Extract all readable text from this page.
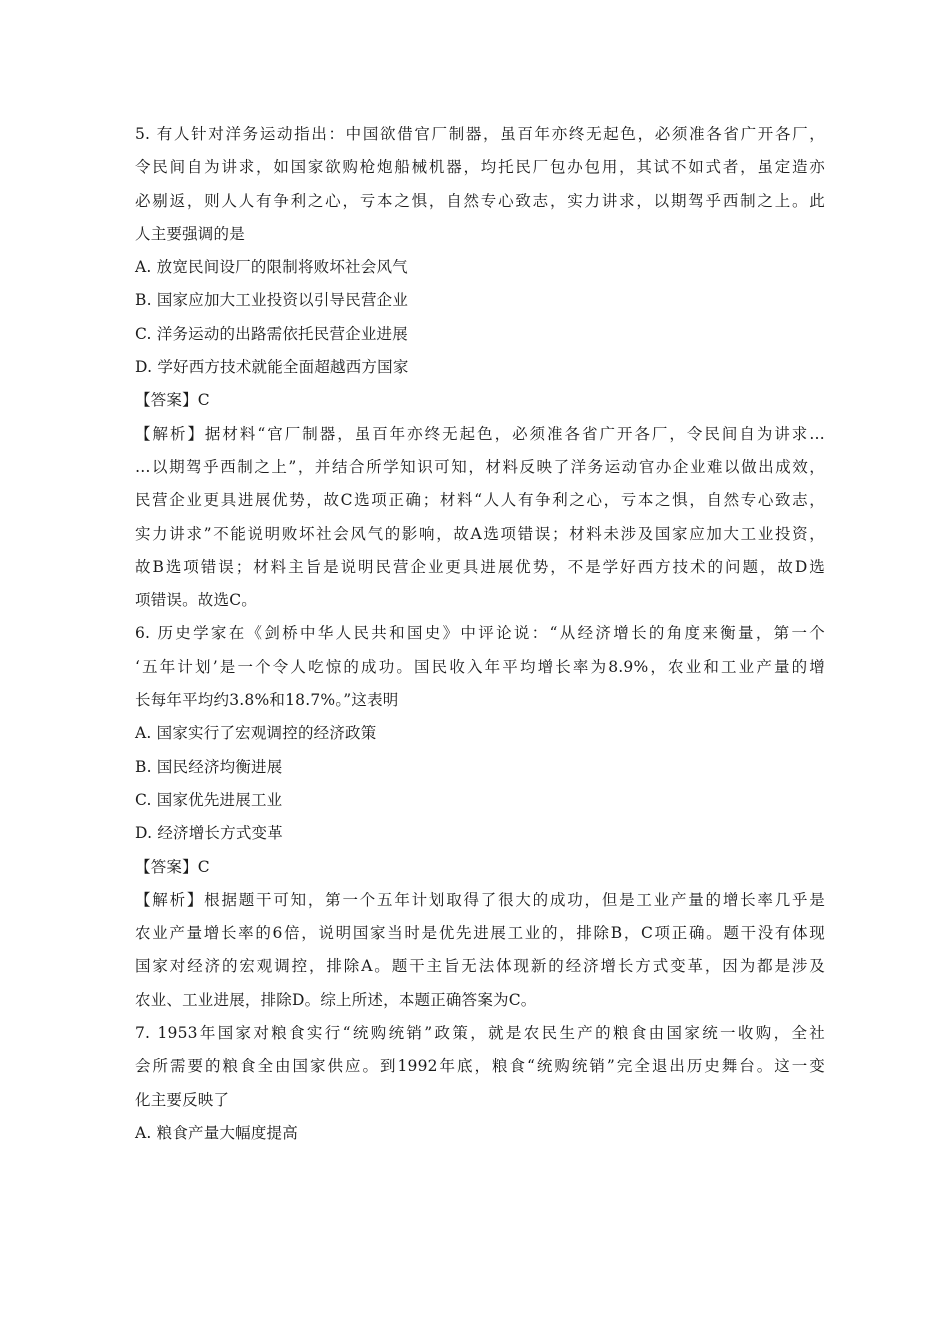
5. 有人针对洋务运动指出：中国欲借官厂制器，虽百年亦终无起色，必须准各省广开各厂，
令民间自为讲求，如国家欲购枪炮船械机器，均托民厂包办包用，其试不如式者，虽定造亦
必剔返，则人人有争利之心，亏本之惧，自然专心致志，实力讲求，以期驾乎西制之上。此
人主要强调的是
A. 放宽民间设厂的限制将败坏社会风气
B. 国家应加大工业投资以引导民营企业
C. 洋务运动的出路需依托民营企业进展
D. 学好西方技术就能全面超越西方国家
【答案】C
【解析】据材料“官厂制器，虽百年亦终无起色，必须准各省广开各厂，令民间自为讲求…
…以期驾乎西制之上”，并结合所学知识可知，材料反映了洋务运动官办企业难以做出成效，
民营企业更具进展优势，故C选项正确；材料“人人有争利之心，亏本之惧，自然专心致志，
实力讲求”不能说明败坏社会风气的影响，故A选项错误；材料未涉及国家应加大工业投资，
故B选项错误；材料主旨是说明民营企业更具进展优势，不是学好西方技术的问题，故D选
项错误。故选C。
6. 历史学家在《剑桥中华人民共和国史》中评论说：“从经济增长的角度来衡量，第一个
‘五年计划’是一个令人吃惊的成功。国民收入年平均增长率为8.9%，农业和工业产量的增
长每年平均约3.8%和18.7%。”这表明
A. 国家实行了宏观调控的经济政策
B. 国民经济均衡进展
C. 国家优先进展工业
D. 经济增长方式变革
【答案】C
【解析】根据题干可知，第一个五年计划取得了很大的成功，但是工业产量的增长率几乎是
农业产量增长率的6倍，说明国家当时是优先进展工业的，排除B，C项正确。题干没有体现
国家对经济的宏观调控，排除A。题干主旨无法体现新的经济增长方式变革，因为都是涉及
农业、工业进展，排除D。综上所述，本题正确答案为C。
7. 1953年国家对粮食实行“统购统销”政策，就是农民生产的粮食由国家统一收购，全社
会所需要的粮食全由国家供应。到1992年底，粮食“统购统销”完全退出历史舞台。这一变
化主要反映了
A. 粮食产量大幅度提高
